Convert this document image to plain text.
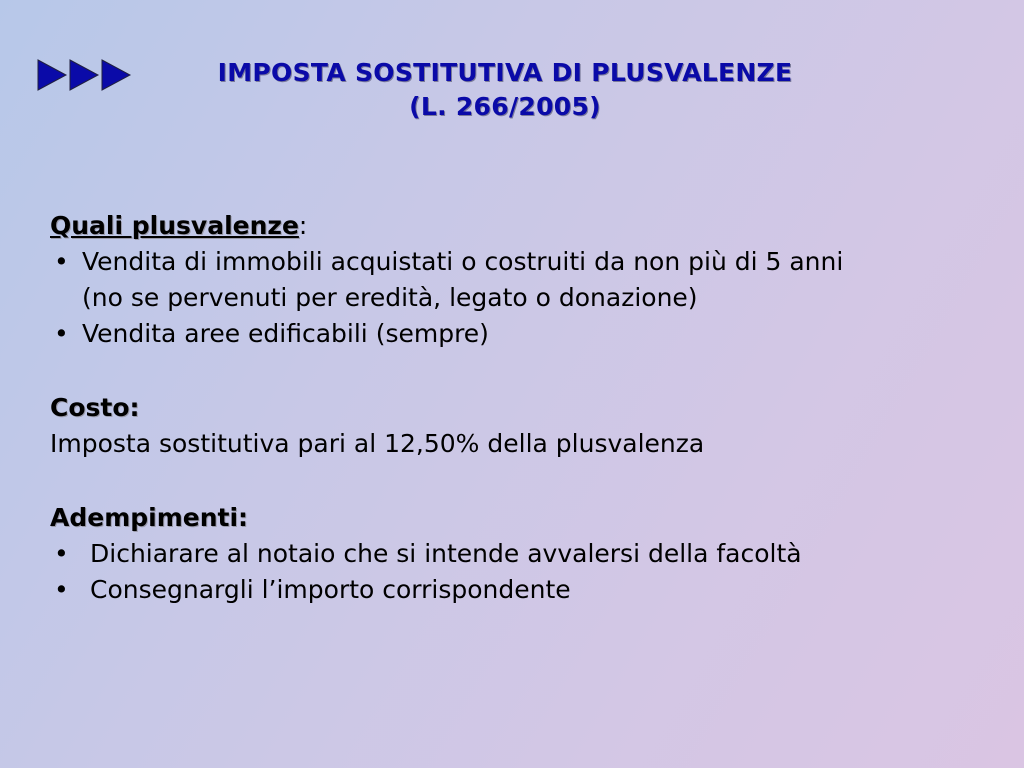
IMPOSTA SOSTITUTIVA DI PLUSVALENZE
(L. 266/2005)
Quali plusvalenze:
• Vendita di immobili acquistati o costruiti da non più di 5 anni
(no se pervenuti per eredità, legato o donazione)
• Vendita aree edificabili (sempre)
Costo:
Imposta sostitutiva pari al 12,50% della plusvalenza
Adempimenti:
• Dichiarare al notaio che si intende avvalersi della facoltà
• Consegnargli l’importo corrispondente
